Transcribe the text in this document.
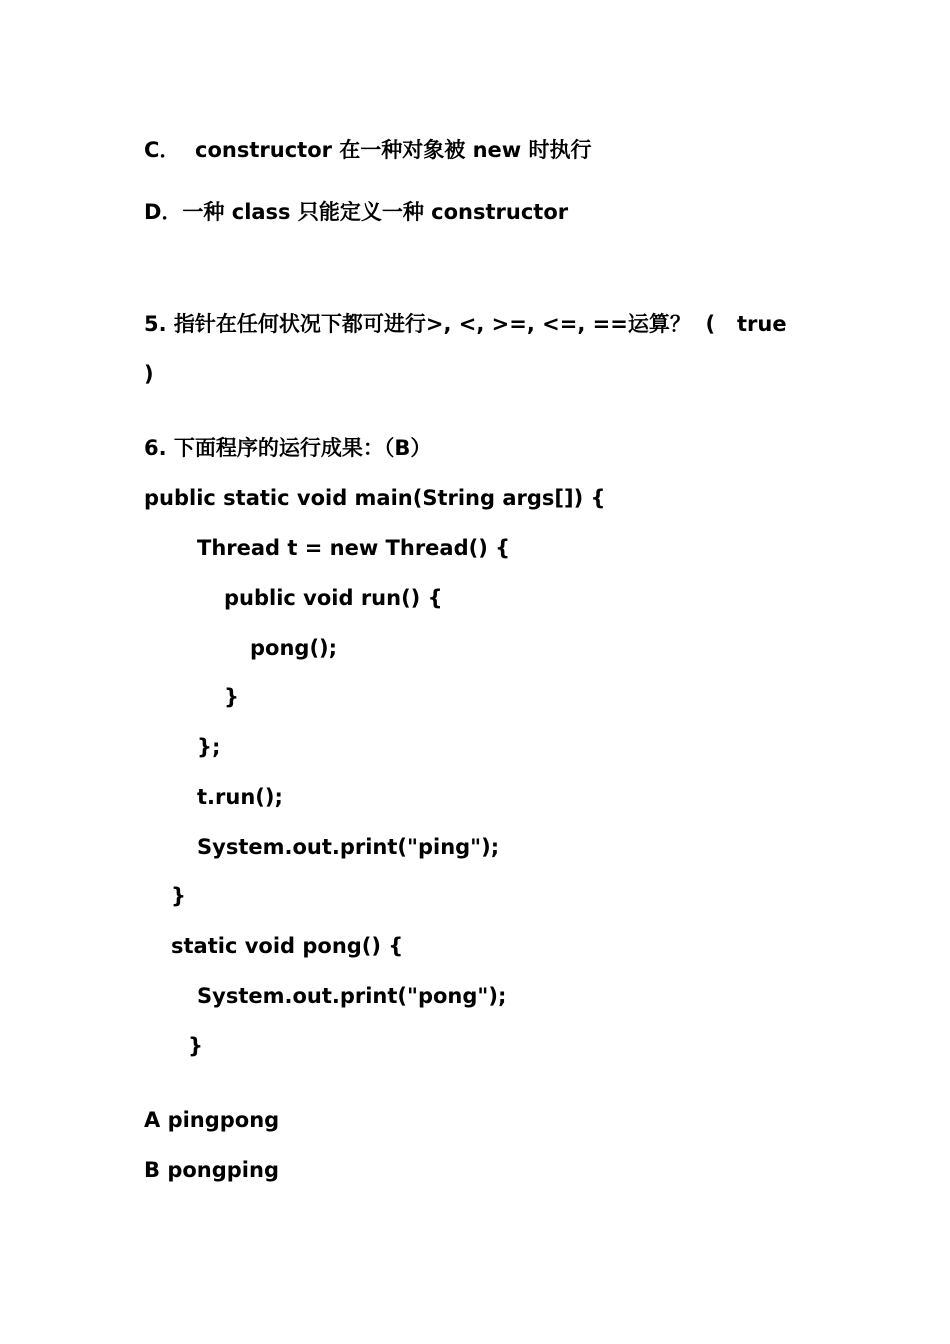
C．  constructor 在一种对象被 new 时执行
D．一种 class 只能定义一种 constructor
5. 指针在任何状况下都可进行>, <, >=, <=, ==运算？  (   true
)
6. 下面程序的运行成果：（B）
public static void main(String args[]) {
Thread t = new Thread() {
public void run() {
pong();
}
};
t.run();
System.out.print("ping");
}
static void pong() {
System.out.print("pong");
}
A pingpong
B pongping
